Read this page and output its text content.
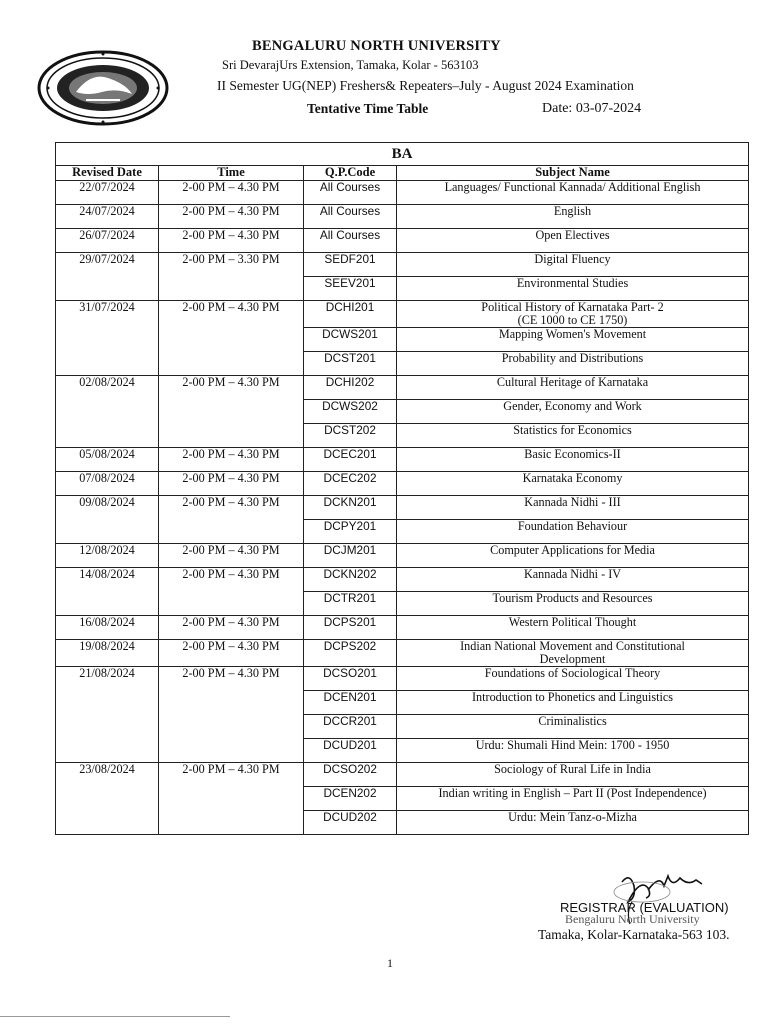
BENGALURU NORTH UNIVERSITY
Sri DevarajUrs Extension, Tamaka, Kolar - 563103
II Semester UG(NEP) Freshers& Repeaters–July - August 2024 Examination
Tentative Time Table	Date: 03-07-2024
BA			
Revised Date	Time	Q.P.Code	Subject Name
22/07/2024	2-00 PM – 4.30 PM	All Courses	Languages/ Functional Kannada/ Additional English
24/07/2024	2-00 PM – 4.30 PM	All Courses	English
26/07/2024	2-00 PM – 4.30 PM	All Courses	Open Electives
29/07/2024	2-00 PM – 3.30 PM	SEDF201	Digital Fluency
		SEEV201	Environmental Studies
31/07/2024	2-00 PM – 4.30 PM	DCHI201	Political History of Karnataka Part- 2
(CE 1000 to CE 1750)
		DCWS201	Mapping Women's Movement
		DCST201	Probability and Distributions
02/08/2024	2-00 PM – 4.30 PM	DCHI202	Cultural Heritage of Karnataka
		DCWS202	Gender, Economy and Work
		DCST202	Statistics for Economics
05/08/2024	2-00 PM – 4.30 PM	DCEC201	Basic Economics-II
07/08/2024	2-00 PM – 4.30 PM	DCEC202	Karnataka Economy
09/08/2024	2-00 PM – 4.30 PM	DCKN201	Kannada Nidhi - III
		DCPY201	Foundation Behaviour
12/08/2024	2-00 PM – 4.30 PM	DCJM201	Computer Applications for Media
14/08/2024	2-00 PM – 4.30 PM	DCKN202	Kannada Nidhi - IV
		DCTR201	Tourism Products and Resources
16/08/2024	2-00 PM – 4.30 PM	DCPS201	Western Political Thought
19/08/2024	2-00 PM – 4.30 PM	DCPS202	Indian National Movement and Constitutional
Development
21/08/2024	2-00 PM – 4.30 PM	DCSO201	Foundations of Sociological Theory
		DCEN201	Introduction to Phonetics and Linguistics
		DCCR201	Criminalistics
		DCUD201	Urdu: Shumali Hind Mein: 1700 - 1950
23/08/2024	2-00 PM – 4.30 PM	DCSO202	Sociology of Rural Life in India
		DCEN202	Indian writing in English – Part II (Post Independence)
		DCUD202	Urdu: Mein Tanz-o-Mizha
REGISTRAR (EVALUATION)
Bengaluru North University
Tamaka, Kolar-Karnataka-563 103.
1
